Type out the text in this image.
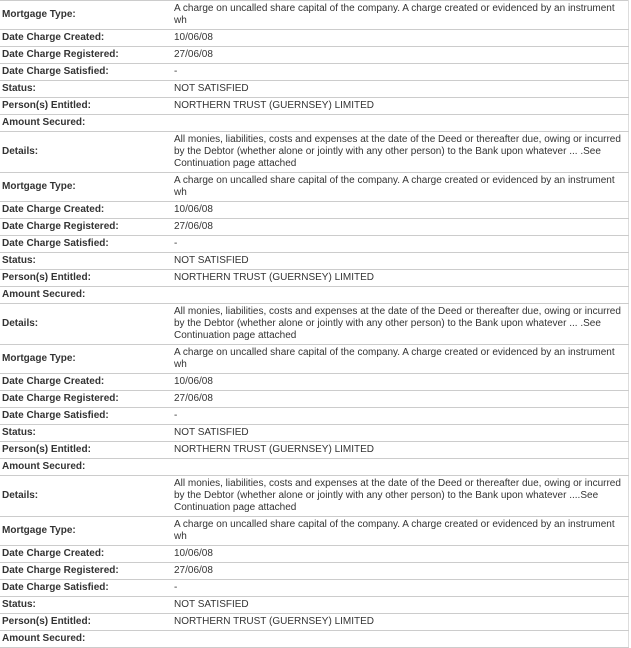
Mortgage Type:	A charge on uncalled share capital of the company. A charge created or evidenced by an instrument wh
Date Charge Created:	10/06/08
Date Charge Registered:	27/06/08
Date Charge Satisfied:	-
Status:	NOT SATISFIED
Person(s) Entitled:	NORTHERN TRUST (GUERNSEY) LIMITED
Amount Secured:	
Details:	All monies, liabilities, costs and expenses at the date of the Deed or thereafter due, owing or incurred by the Debtor (whether alone or jointly with any other person) to the Bank upon whatever ... .See Continuation page attached
Mortgage Type:	A charge on uncalled share capital of the company. A charge created or evidenced by an instrument wh
Date Charge Created:	10/06/08
Date Charge Registered:	27/06/08
Date Charge Satisfied:	-
Status:	NOT SATISFIED
Person(s) Entitled:	NORTHERN TRUST (GUERNSEY) LIMITED
Amount Secured:	
Details:	All monies, liabilities, costs and expenses at the date of the Deed or thereafter due, owing or incurred by the Debtor (whether alone or jointly with any other person) to the Bank upon whatever ... .See Continuation page attached
Mortgage Type:	A charge on uncalled share capital of the company. A charge created or evidenced by an instrument wh
Date Charge Created:	10/06/08
Date Charge Registered:	27/06/08
Date Charge Satisfied:	-
Status:	NOT SATISFIED
Person(s) Entitled:	NORTHERN TRUST (GUERNSEY) LIMITED
Amount Secured:	
Details:	All monies, liabilities, costs and expenses at the date of the Deed or thereafter due, owing or incurred by the Debtor (whether alone or jointly with any other person) to the Bank upon whatever ....See Continuation page attached
Mortgage Type:	A charge on uncalled share capital of the company. A charge created or evidenced by an instrument wh
Date Charge Created:	10/06/08
Date Charge Registered:	27/06/08
Date Charge Satisfied:	-
Status:	NOT SATISFIED
Person(s) Entitled:	NORTHERN TRUST (GUERNSEY) LIMITED
Amount Secured:	
